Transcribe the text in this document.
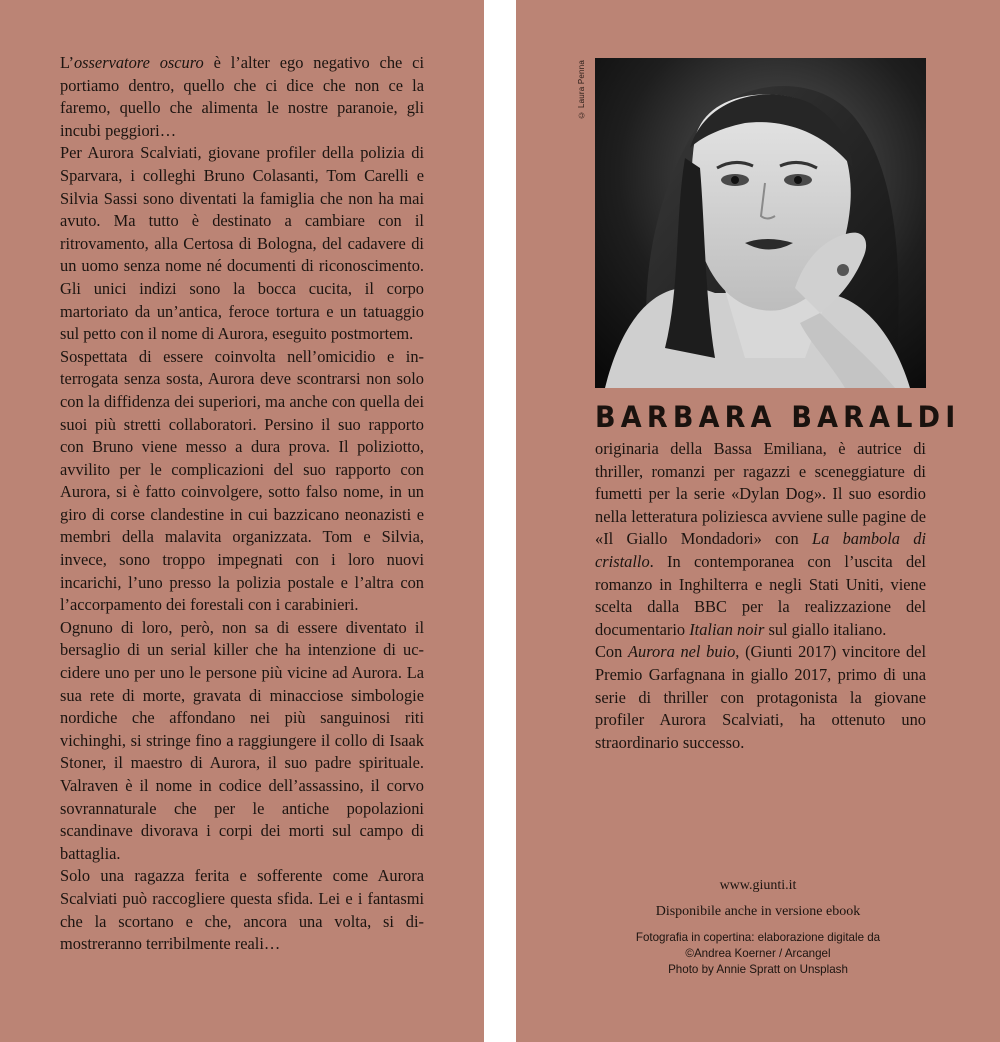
L’osservatore oscuro è l’alter ego negativo che ci portiamo dentro, quello che ci dice che non ce la faremo, quello che alimenta le nostre paranoie, gli incubi peggiori…

Per Aurora Scalviati, giovane profiler della polizia di Sparvara, i colleghi Bruno Colasanti, Tom Carelli e Silvia Sassi sono diventati la famiglia che non ha mai avuto. Ma tutto è destinato a cambiare con il ritrovamento, alla Certosa di Bologna, del cadavere di un uomo senza nome né documenti di riconoscimento. Gli unici indizi sono la bocca cucita, il corpo martoriato da un’antica, feroce tortura e un tatuaggio sul petto con il nome di Aurora, eseguito postmortem.

Sospettata di essere coinvolta nell’omicidio e interrogata senza sosta, Aurora deve scontrarsi non solo con la diffidenza dei superiori, ma anche con quella dei suoi più stretti collaboratori. Persino il suo rapporto con Bruno viene messo a dura prova. Il poliziotto, avvilito per le complicazioni del suo rapporto con Aurora, si è fatto coinvolgere, sotto falso nome, in un giro di corse clandestine in cui bazzicano neonazisti e membri della malavita organizzata. Tom e Silvia, invece, sono troppo impegnati con i loro nuovi incarichi, l’uno presso la polizia postale e l’altra con l’accorpamento dei forestali con i carabinieri.

Ognuno di loro, però, non sa di essere diventato il bersaglio di un serial killer che ha intenzione di uccidere uno per uno le persone più vicine ad Aurora. La sua rete di morte, gravata di minacciose simbologie nordiche che affondano nei più sanguinosi riti vichinghi, si stringe fino a raggiungere il collo di Isaak Stoner, il maestro di Aurora, il suo padre spirituale. Valraven è il nome in codice dell’assassino, il corvo sovrannaturale che per le antiche popolazioni scandinave divorava i corpi dei morti sul campo di battaglia.

Solo una ragazza ferita e sofferente come Aurora Scalviati può raccogliere questa sfida. Lei e i fantasmi che la scortano e che, ancora una volta, si dimostreranno terribilmente reali…

© Laura Penna
BARBARA BARALDI

originaria della Bassa Emiliana, è autrice di thriller, romanzi per ragazzi e sceneggiature di fumetti per la serie «Dylan Dog». Il suo esordio nella letteratura poliziesca avviene sulle pagine de «Il Giallo Mondadori» con La bambola di cristallo. In contemporanea con l’uscita del romanzo in Inghilterra e negli Stati Uniti, viene scelta dalla BBC per la realizzazione del documentario Italian noir sul giallo italiano.

Con Aurora nel buio, (Giunti 2017) vincitore del Premio Garfagnana in giallo 2017, primo di una serie di thriller con protagonista la giovane profiler Aurora Scalviati, ha ottenuto uno straordinario successo.

www.giunti.it
Disponibile anche in versione ebook
Fotografia in copertina: elaborazione digitale da
©Andrea Koerner / Arcangel
Photo by Annie Spratt on Unsplash
